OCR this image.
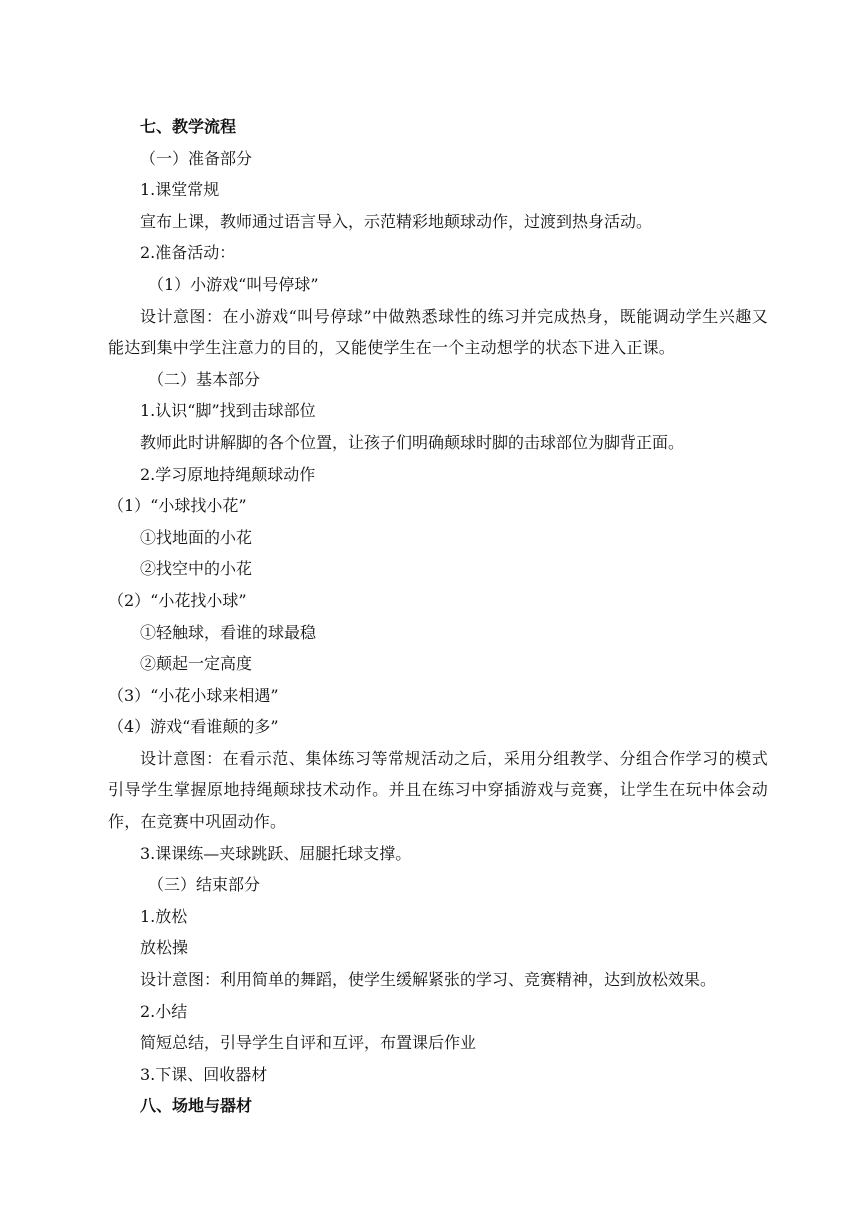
七、教学流程
（一）准备部分
1.课堂常规
宣布上课，教师通过语言导入，示范精彩地颠球动作，过渡到热身活动。
2.准备活动：
（1）小游戏“叫号停球”
设计意图：在小游戏“叫号停球”中做熟悉球性的练习并完成热身，既能调动学生兴趣又能达到集中学生注意力的目的，又能使学生在一个主动想学的状态下进入正课。
（二）基本部分
1.认识“脚”找到击球部位
教师此时讲解脚的各个位置，让孩子们明确颠球时脚的击球部位为脚背正面。
2.学习原地持绳颠球动作
（1）“小球找小花”
①找地面的小花
②找空中的小花
（2）“小花找小球”
①轻触球，看谁的球最稳
②颠起一定高度
（3）“小花小球来相遇”
（4）游戏“看谁颠的多”
设计意图：在看示范、集体练习等常规活动之后，采用分组教学、分组合作学习的模式引导学生掌握原地持绳颠球技术动作。并且在练习中穿插游戏与竞赛，让学生在玩中体会动作，在竞赛中巩固动作。
3.课课练—夹球跳跃、屈腿托球支撑。
（三）结束部分
1.放松
放松操
设计意图：利用简单的舞蹈，使学生缓解紧张的学习、竞赛精神，达到放松效果。
2.小结
简短总结，引导学生自评和互评，布置课后作业
3.下课、回收器材
八、场地与器材
